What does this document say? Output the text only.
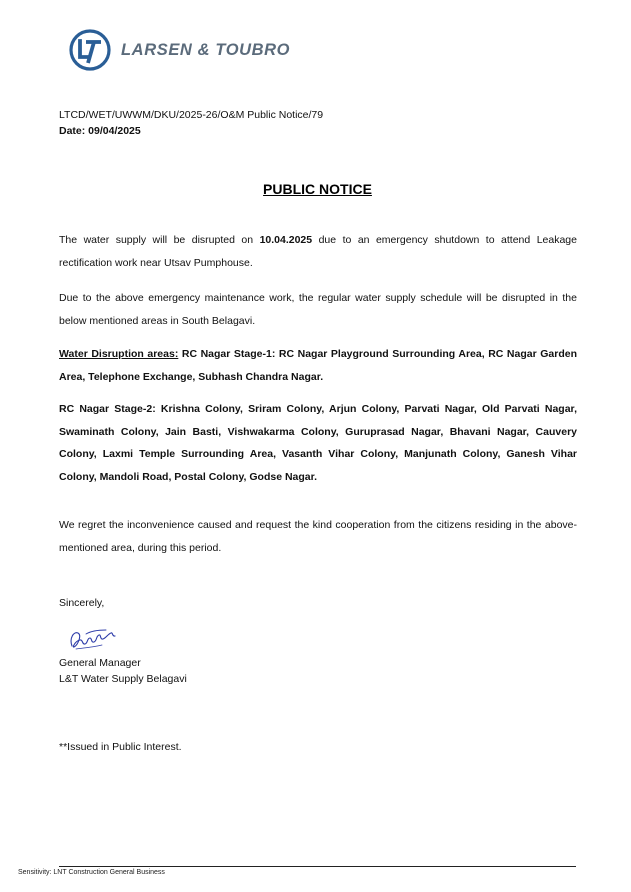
LARSEN & TOUBRO
LTCD/WET/UWWM/DKU/2025-26/O&M Public Notice/79
Date: 09/04/2025
PUBLIC NOTICE
The water supply will be disrupted on 10.04.2025 due to an emergency shutdown to attend Leakage rectification work near Utsav Pumphouse.
Due to the above emergency maintenance work, the regular water supply schedule will be disrupted in the below mentioned areas in South Belagavi.
Water Disruption areas: RC Nagar Stage-1: RC Nagar Playground Surrounding Area, RC Nagar Garden Area, Telephone Exchange, Subhash Chandra Nagar.
RC Nagar Stage-2: Krishna Colony, Sriram Colony, Arjun Colony, Parvati Nagar, Old Parvati Nagar, Swaminath Colony, Jain Basti, Vishwakarma Colony, Guruprasad Nagar, Bhavani Nagar, Cauvery Colony, Laxmi Temple Surrounding Area, Vasanth Vihar Colony, Manjunath Colony, Ganesh Vihar Colony, Mandoli Road, Postal Colony, Godse Nagar.
We regret the inconvenience caused and request the kind cooperation from the citizens residing in the above-mentioned area, during this period.
Sincerely,
General Manager
L&T Water Supply Belagavi
**Issued in Public Interest.
Sensitivity: LNT Construction General Business
